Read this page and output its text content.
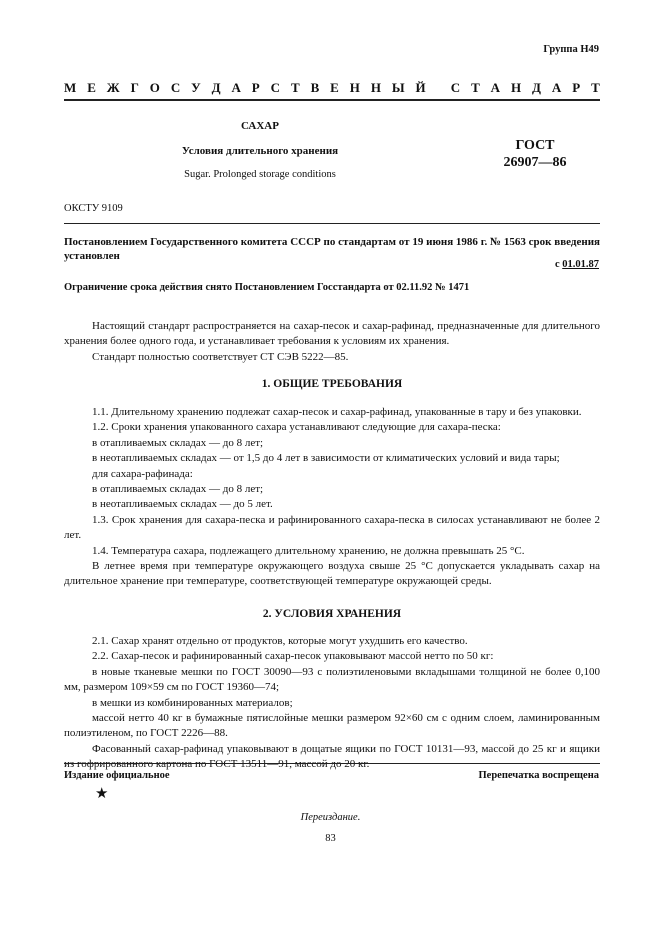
Группа Н49
М Е Ж Г О С У Д А Р С Т В Е Н Н Ы Й
С Т А Н Д А Р Т
САХАР
Условия длительного хранения
Sugar. Prolonged storage conditions
ГОСТ
26907—86
ОКСТУ 9109
Постановлением Государственного комитета СССР по стандартам от 19 июня 1986 г. № 1563 срок введения установлен
с 01.01.87
Ограничение срока действия снято Постановлением Госстандарта от 02.11.92 № 1471
Настоящий стандарт распространяется на сахар-песок и сахар-рафинад, предназначенные для длительного хранения более одного года, и устанавливает требования к условиям их хранения.
Стандарт полностью соответствует СТ СЭВ 5222—85.
1. ОБЩИЕ ТРЕБОВАНИЯ
1.1. Длительному хранению подлежат сахар-песок и сахар-рафинад, упакованные в тару и без упаковки.
1.2. Сроки хранения упакованного сахара устанавливают следующие для сахара-песка:
в отапливаемых складах — до 8 лет;
в неотапливаемых складах — от 1,5 до 4 лет в зависимости от климатических условий и вида тары;
для сахара-рафинада:
в отапливаемых складах — до 8 лет;
в неотапливаемых складах — до 5 лет.
1.3. Срок хранения для сахара-песка и рафинированного сахара-песка в силосах устанавливают не более 2 лет.
1.4. Температура сахара, подлежащего длительному хранению, не должна превышать 25 °С.
В летнее время при температуре окружающего воздуха свыше 25 °С допускается укладывать сахар на длительное хранение при температуре, соответствующей температуре окружающей среды.
2. УСЛОВИЯ ХРАНЕНИЯ
2.1. Сахар хранят отдельно от продуктов, которые могут ухудшить его качество.
2.2. Сахар-песок и рафинированный сахар-песок упаковывают массой нетто по 50 кг:
в новые тканевые мешки по ГОСТ 30090—93 с полиэтиленовыми вкладышами толщиной не более 0,100 мм, размером 109×59 см по ГОСТ 19360—74;
в мешки из комбинированных материалов;
массой нетто 40 кг в бумажные пятислойные мешки размером 92×60 см с одним слоем, ламинированным полиэтиленом, по ГОСТ 2226—88.
Фасованный сахар-рафинад упаковывают в дощатые ящики по ГОСТ 10131—93, массой до 25 кг и ящики из гофрированного картона по ГОСТ 13511—91, массой до 20 кг.
Издание официальное	Перепечатка воспрещена
★
Переиздание.
83
